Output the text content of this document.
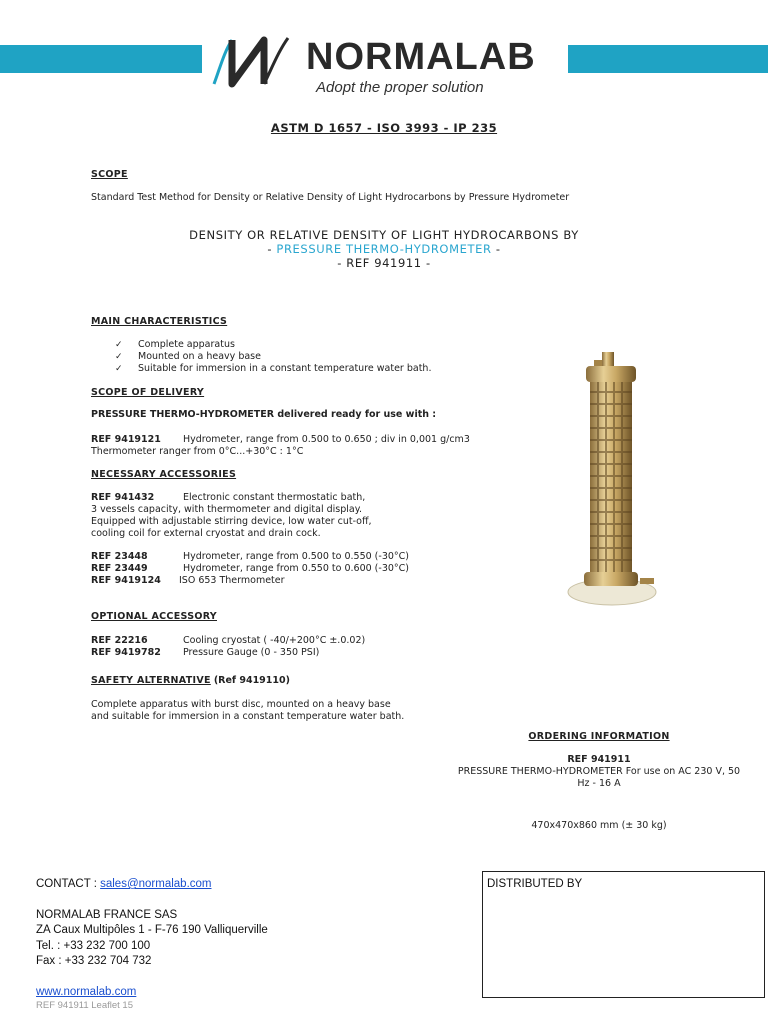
NORMALAB
Adopt the proper solution
ASTM D 1657 - ISO 3993 - IP 235
SCOPE
Standard Test Method for Density or Relative Density of Light Hydrocarbons by Pressure Hydrometer
DENSITY OR RELATIVE DENSITY OF LIGHT HYDROCARBONS BY
- PRESSURE THERMO-HYDROMETER -
- REF 941911 -
MAIN CHARACTERISTICS
✓ Complete apparatus
✓ Mounted on a heavy base
✓ Suitable for immersion in a constant temperature water bath.
SCOPE OF DELIVERY
PRESSURE THERMO-HYDROMETER delivered ready for use with :
REF 9419121 Hydrometer, range from 0.500 to 0.650 ; div in 0,001 g/cm3
Thermometer ranger from 0°C...+30°C : 1°C
NECESSARY ACCESSORIES
REF 941432	Electronic constant thermostatic bath,
3 vessels capacity, with thermometer and digital display.
Equipped with adjustable stirring device, low water cut-off,
cooling coil for external cryostat and drain cock.
REF 23448	Hydrometer, range from 0.500 to 0.550 (-30°C)
REF 23449	Hydrometer, range from 0.550 to 0.600 (-30°C)
REF 9419124 ISO 653 Thermometer
OPTIONAL ACCESSORY
REF 22216	Cooling cryostat ( -40/+200°C ±.0.02)
REF 9419782 Pressure Gauge (0 - 350 PSI)
SAFETY ALTERNATIVE (Ref 9419110)
Complete apparatus with burst disc, mounted on a heavy base
and suitable for immersion in a constant temperature water bath.
ORDERING INFORMATION
REF 941911
PRESSURE THERMO-HYDROMETER For use on AC 230 V, 50
Hz - 16 A
470x470x860 mm (± 30 kg)
CONTACT : sales@normalab.com
NORMALAB FRANCE SAS
ZA Caux Multipôles 1 - F-76 190 Valliquerville
Tel. : +33 232 700 100
Fax : +33 232 704 732
www.normalab.com
REF 941911 Leaflet 15
DISTRIBUTED BY
